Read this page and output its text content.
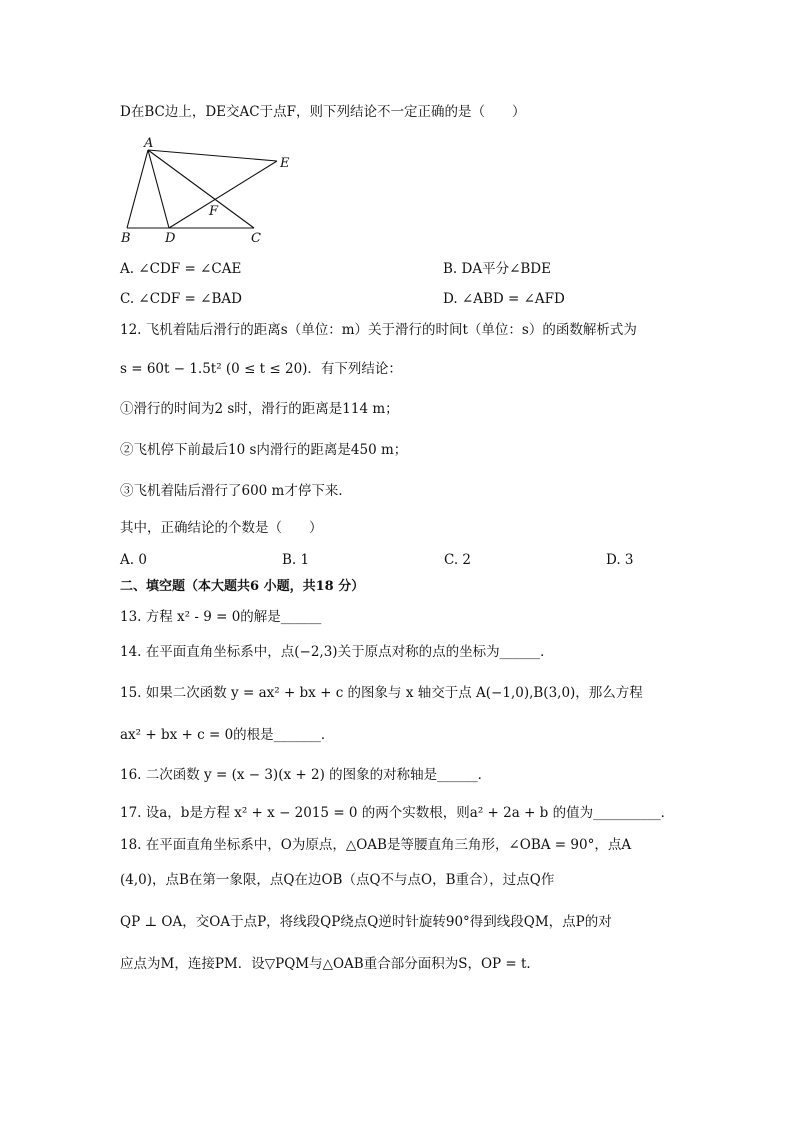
D在BC边上，DE交AC于点F，则下列结论不一定正确的是（　　）
A
B	D	C
E
F
A. ∠CDF = ∠CAE	B. DA平分∠BDE
C. ∠CDF = ∠BAD	D. ∠ABD = ∠AFD
12. 飞机着陆后滑行的距离s（单位：m）关于滑行的时间t（单位：s）的函数解析式为
s = 60t − 1.5t² (0 ≤ t ≤ 20)．有下列结论：
①滑行的时间为2 s时，滑行的距离是114 m；
②飞机停下前最后10 s内滑行的距离是450 m；
③飞机着陆后滑行了600 m才停下来．
其中，正确结论的个数是（　　）
A. 0	B. 1	C. 2	D. 3
二、填空题（本大题共6 小题，共18 分）
13. 方程 x² - 9 = 0的解是______
14. 在平面直角坐标系中，点(−2,3)关于原点对称的点的坐标为______．
15. 如果二次函数 y = ax² + bx + c 的图象与 x 轴交于点 A(−1,0),B(3,0)，那么方程
ax² + bx + c = 0的根是_______．
16. 二次函数 y = (x − 3)(x + 2) 的图象的对称轴是______．
17. 设a，b是方程 x² + x − 2015 = 0 的两个实数根，则a² + 2a + b 的值为__________．
18. 在平面直角坐标系中，O为原点，△OAB是等腰直角三角形，∠OBA = 90°，点A
(4,0)，点B在第一象限，点Q在边OB（点Q不与点O，B重合），过点Q作
QP ⊥ OA，交OA于点P，将线段QP绕点Q逆时针旋转90°得到线段QM，点P的对
应点为M，连接PM．设▽PQM与△OAB重合部分面积为S，OP = t．
